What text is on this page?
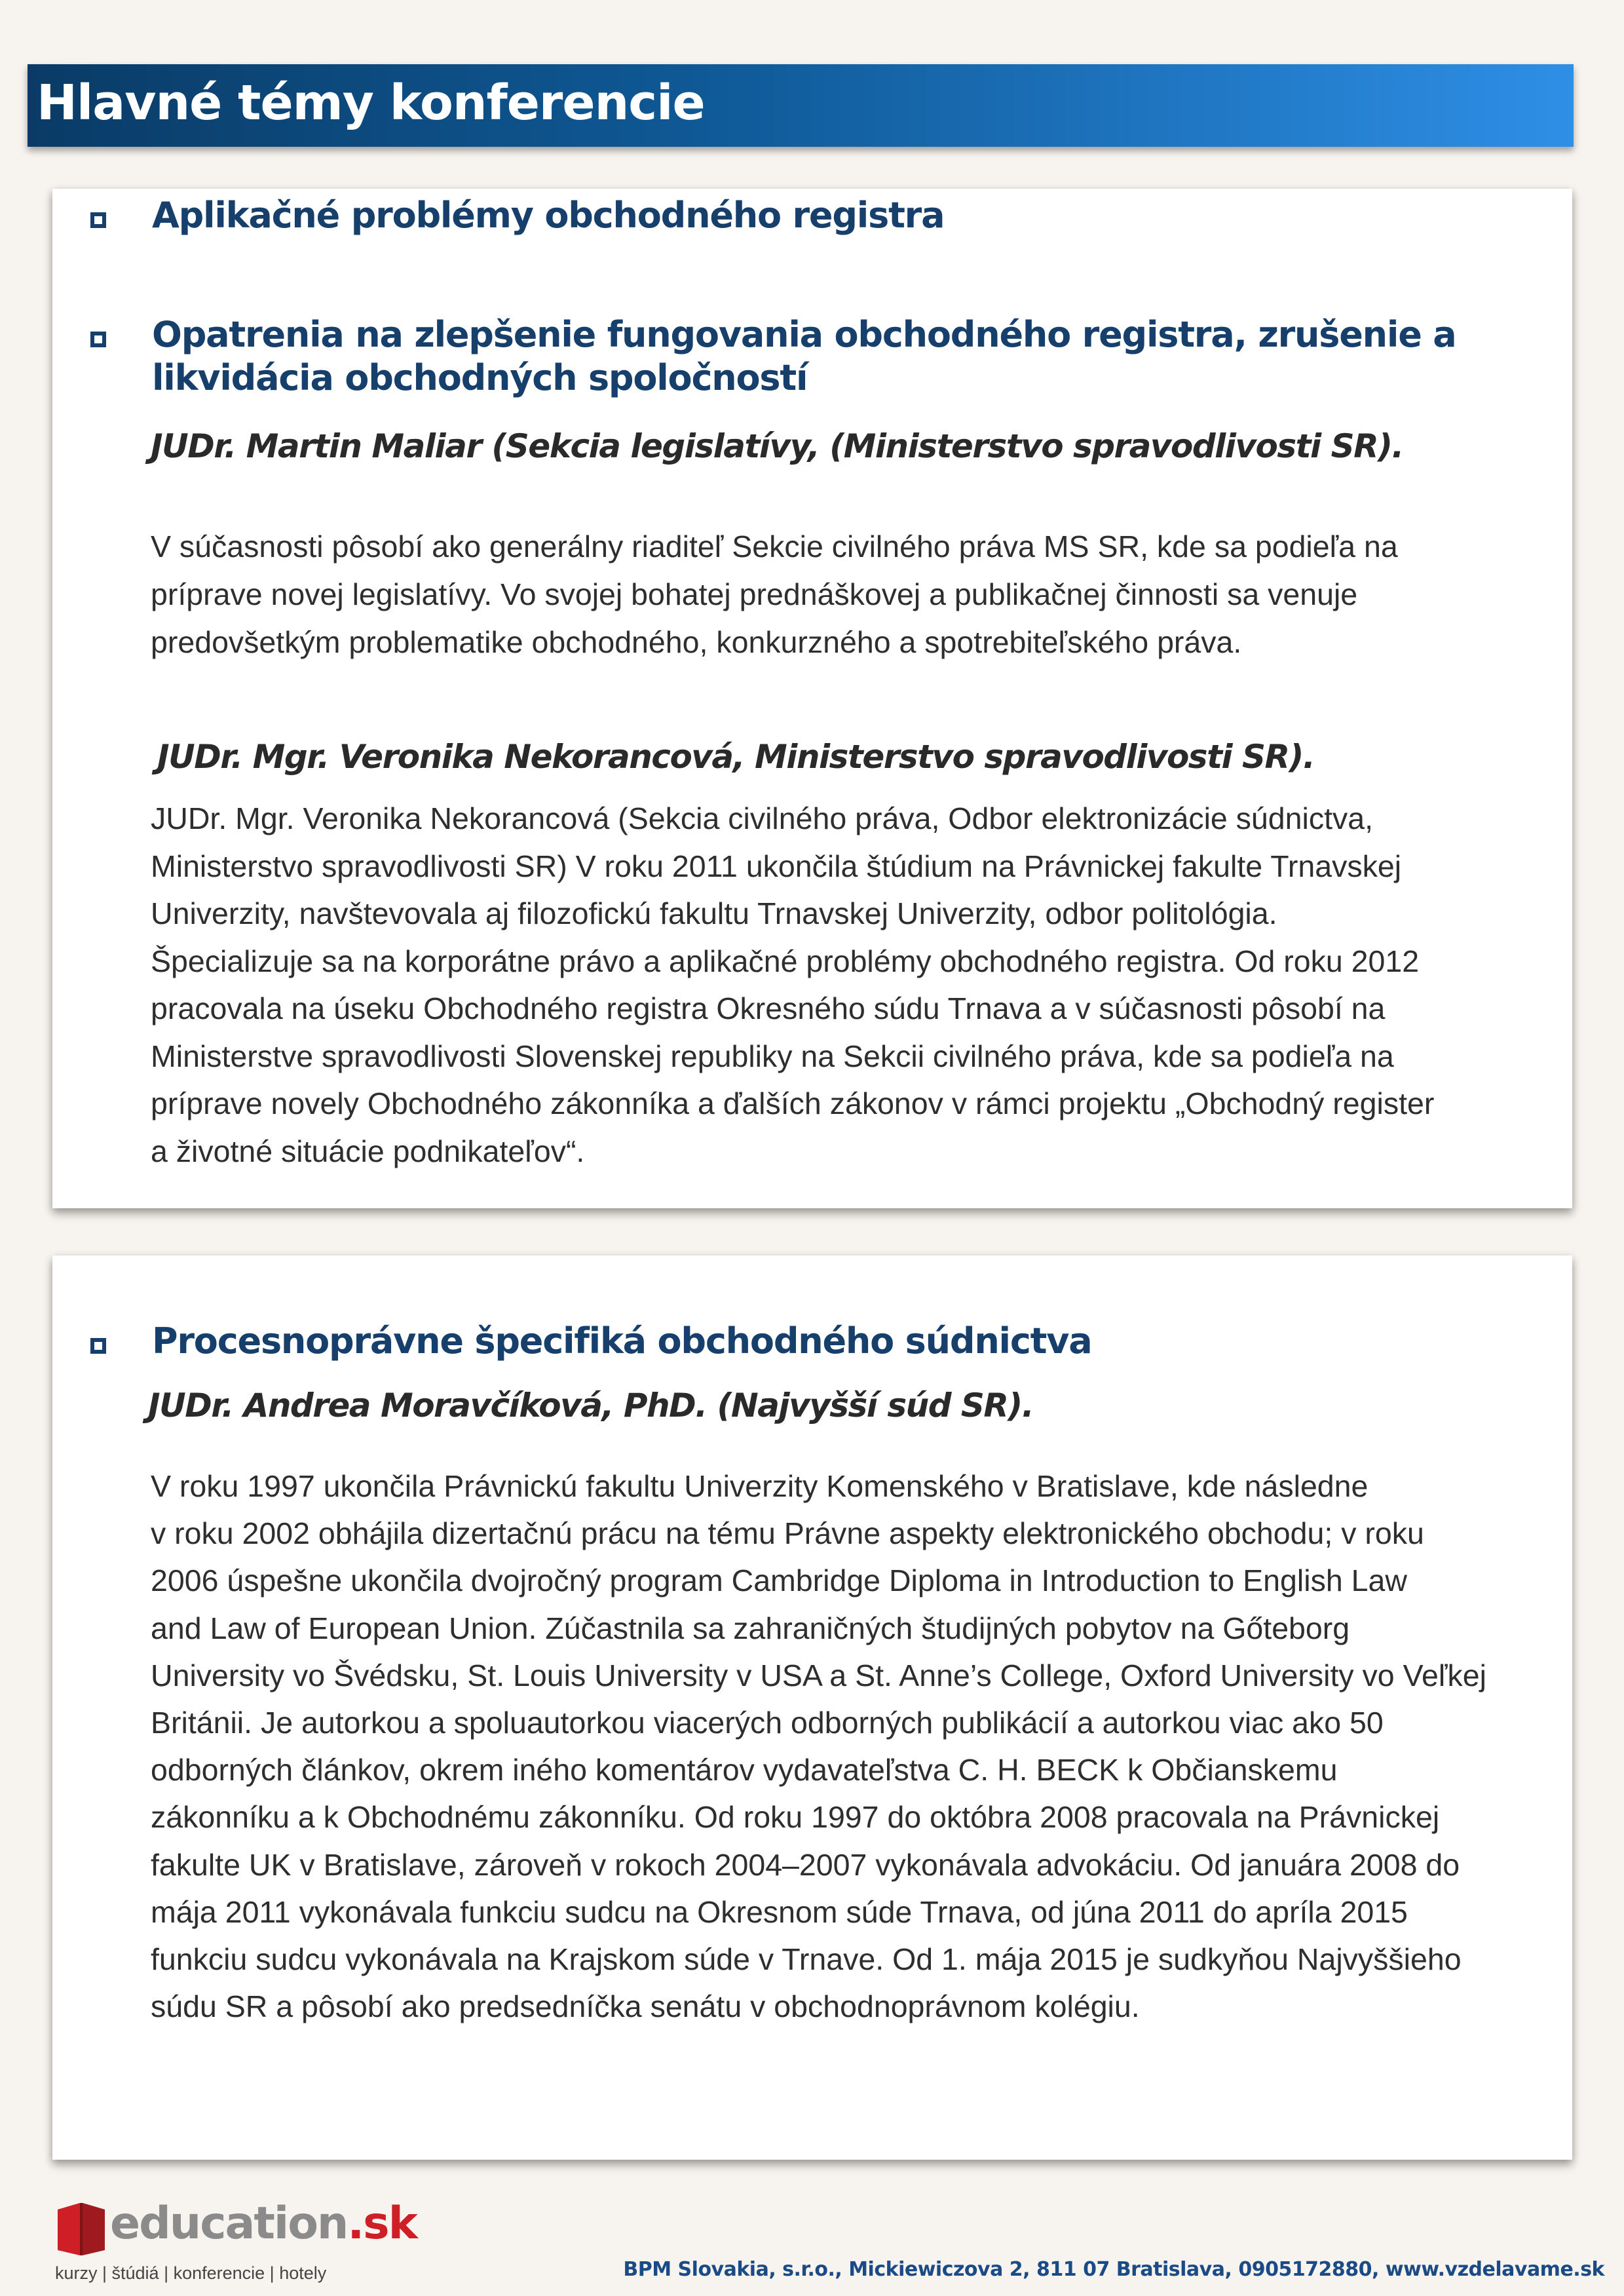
Hlavné témy konferencie

Aplikačné problémy obchodného registra

Opatrenia na zlepšenie fungovania obchodného registra, zrušenie a likvidácia obchodných spoločností

JUDr. Martin Maliar (Sekcia legislatívy, (Ministerstvo spravodlivosti SR).

V súčasnosti pôsobí ako generálny riaditeľ Sekcie civilného práva MS SR, kde sa podieľa na
príprave novej legislatívy. Vo svojej bohatej prednáškovej a publikačnej činnosti sa venuje
predovšetkým problematike obchodného, konkurzného a spotrebiteľského práva.

JUDr. Mgr. Veronika Nekorancová, Ministerstvo spravodlivosti SR).

JUDr. Mgr. Veronika Nekorancová (Sekcia civilného práva, Odbor elektronizácie súdnictva,
Ministerstvo spravodlivosti SR) V roku 2011 ukončila štúdium na Právnickej fakulte Trnavskej
Univerzity, navštevovala aj filozofickú fakultu Trnavskej Univerzity, odbor politológia.
Špecializuje sa na korporátne právo a aplikačné problémy obchodného registra. Od roku 2012
pracovala na úseku Obchodného registra Okresného súdu Trnava a v súčasnosti pôsobí na
Ministerstve spravodlivosti Slovenskej republiky na Sekcii civilného práva, kde sa podieľa na
príprave novely Obchodného zákonníka a ďalších zákonov v rámci projektu „Obchodný register
a životné situácie podnikateľov“.

Procesnoprávne špecifiká obchodného súdnictva

JUDr. Andrea Moravčíková, PhD. (Najvyšší súd SR).

V roku 1997 ukončila Právnickú fakultu Univerzity Komenského v Bratislave, kde následne
v roku 2002 obhájila dizertačnú prácu na tému Právne aspekty elektronického obchodu; v roku
2006 úspešne ukončila dvojročný program Cambridge Diploma in Introduction to English Law
and Law of European Union. Zúčastnila sa zahraničných študijných pobytov na Gőteborg
University vo Švédsku, St. Louis University v USA a St. Anne’s College, Oxford University vo Veľkej
Británii. Je autorkou a spoluautorkou viacerých odborných publikácií a autorkou viac ako 50
odborných článkov, okrem iného komentárov vydavateľstva C. H. BECK k Občianskemu
zákonníku a k Obchodnému zákonníku. Od roku 1997 do októbra 2008 pracovala na Právnickej
fakulte UK v Bratislave, zároveň v rokoch 2004–2007 vykonávala advokáciu. Od januára 2008 do
mája 2011 vykonávala funkciu sudcu na Okresnom súde Trnava, od júna 2011 do apríla 2015
funkciu sudcu vykonávala na Krajskom súde v Trnave. Od 1. mája 2015 je sudkyňou Najvyššieho
súdu SR a pôsobí ako predsedníčka senátu v obchodnoprávnom kolégiu.
education.sk
kurzy | štúdiá | konferencie | hotely	BPM Slovakia, s.r.o., Mickiewiczova 2, 811 07 Bratislava, 0905172880, www.vzdelavame.sk
